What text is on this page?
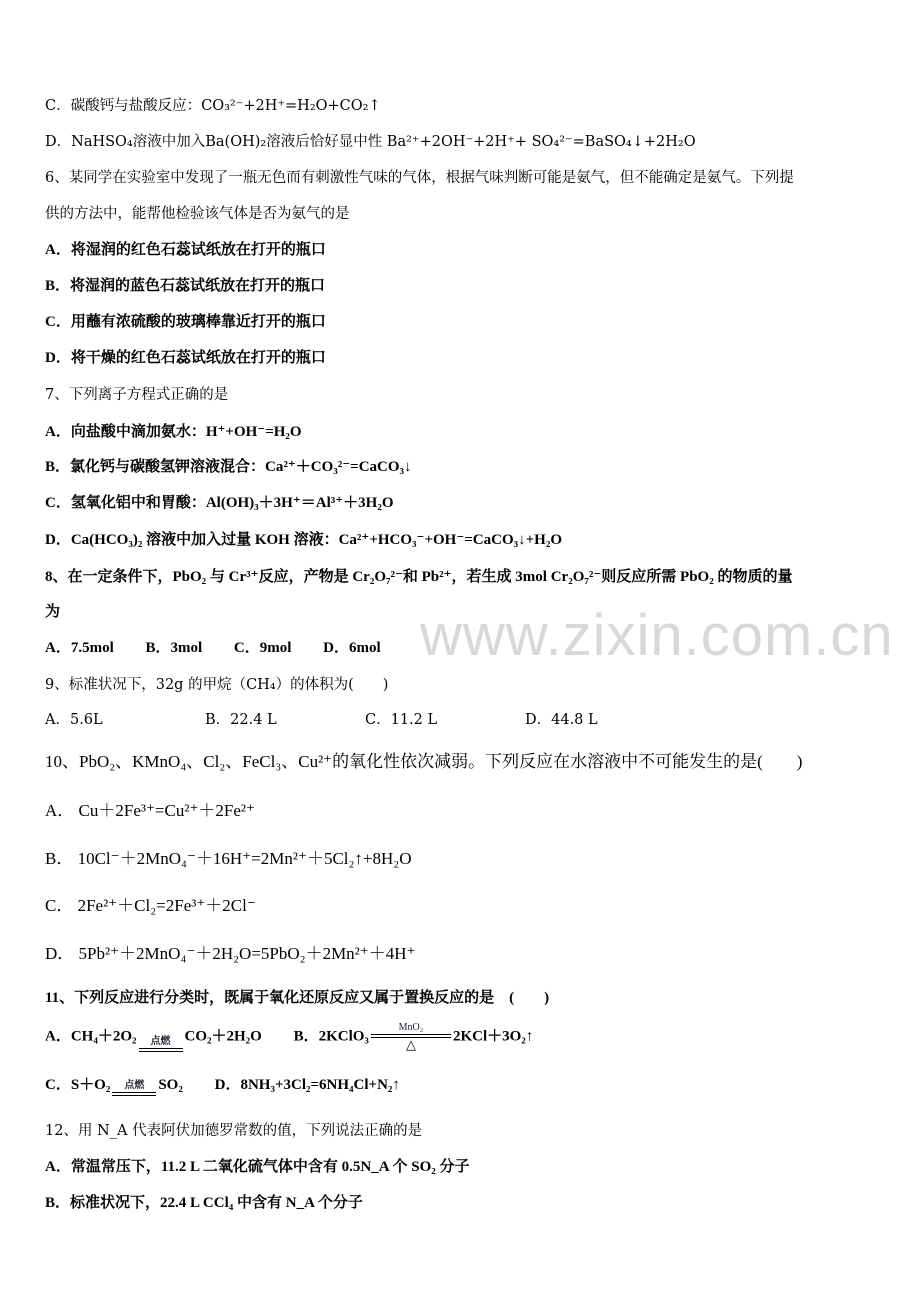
www.zixin.com.cn
C．碳酸钙与盐酸反应：CO₃²⁻+2H⁺=H₂O+CO₂↑
D．NaHSO₄溶液中加入Ba(OH)₂溶液后恰好显中性 Ba²⁺+2OH⁻+2H⁺+ SO₄²⁻=BaSO₄↓+2H₂O
6、某同学在实验室中发现了一瓶无色而有刺激性气味的气体，根据气味判断可能是氨气，但不能确定是氨气。下列提
供的方法中，能帮他检验该气体是否为氨气的是
A．将湿润的红色石蕊试纸放在打开的瓶口
B．将湿润的蓝色石蕊试纸放在打开的瓶口
C．用蘸有浓硫酸的玻璃棒靠近打开的瓶口
D．将干燥的红色石蕊试纸放在打开的瓶口
7、下列离子方程式正确的是
A．向盐酸中滴加氨水：H⁺+OH⁻=H₂O
B．氯化钙与碳酸氢钾溶液混合：Ca²⁺＋CO₃²⁻=CaCO₃↓
C．氢氧化铝中和胃酸：Al(OH)₃＋3H⁺＝Al³⁺＋3H₂O
D．Ca(HCO₃)₂ 溶液中加入过量 KOH 溶液：Ca²⁺+HCO₃⁻+OH⁻=CaCO₃↓+H₂O
8、在一定条件下，PbO₂ 与 Cr³⁺反应，产物是 Cr₂O₇²⁻和 Pb²⁺，若生成 3mol Cr₂O₇²⁻则反应所需 PbO₂ 的物质的量
为
A．7.5mol B．3mol C．9mol D．6mol
9、标准状况下，32g 的甲烷（CH₄）的体积为(　　)
A．5.6L	B．22.4 L	C．11.2 L	D．44.8 L
10、PbO₂、KMnO₄、Cl₂、FeCl₃、Cu²⁺的氧化性依次减弱。下列反应在水溶液中不可能发生的是(　　)
A． Cu＋2Fe³⁺=Cu²⁺＋2Fe²⁺
B． 10Cl⁻＋2MnO₄⁻＋16H⁺=2Mn²⁺＋5Cl₂↑+8H₂O
C． 2Fe²⁺＋Cl₂=2Fe³⁺＋2Cl⁻
D． 5Pb²⁺＋2MnO₄⁻＋2H₂O=5PbO₂＋2Mn²⁺＋4H⁺
11、下列反应进行分类时，既属于氧化还原反应又属于置换反应的是　(　　)
A．CH₄＋2O₂	点燃 CO₂＋2H₂O B．2KClO₃
MnO₂
△
2KCl＋3O₂↑
C．S＋O₂	点燃 SO₂ D．8NH₃+3Cl₂=6NH₄Cl+N₂↑
12、用 N_A 代表阿伏加德罗常数的值，下列说法正确的是
A．常温常压下，11.2 L 二氧化硫气体中含有 0.5N_A 个 SO₂ 分子
B．标准状况下，22.4 L CCl₄ 中含有 N_A 个分子
